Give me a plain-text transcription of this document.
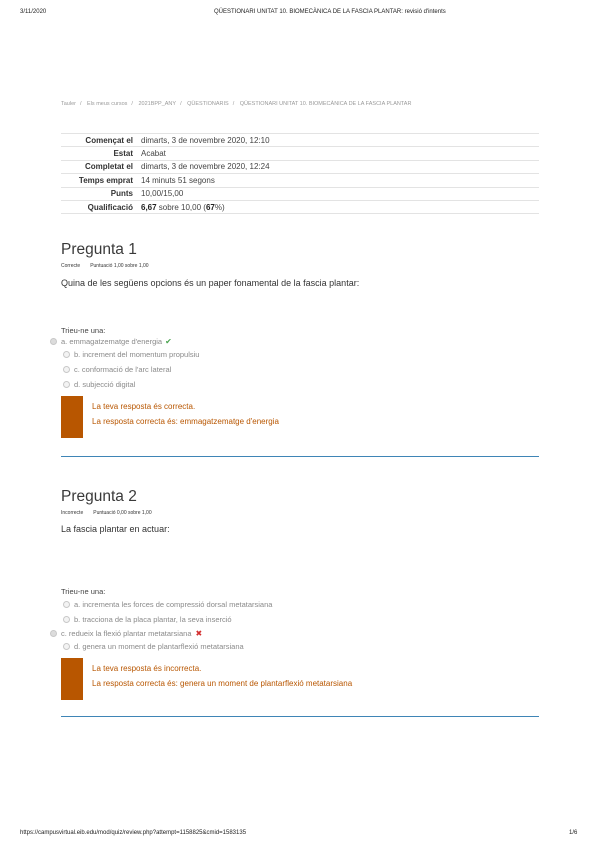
3/11/2020	QÜESTIONARI UNITAT 10. BIOMECÀNICA DE LA FASCIA PLANTAR: revisió d'intents
Tauler / Els meus cursos / 2021BPP_ANY / QÜESTIONARIS / QÜESTIONARI UNITAT 10. BIOMECÀNICA DE LA FASCIA PLANTAR
Començat el	dimarts, 3 de novembre 2020, 12:10
Estat	Acabat
Completat el	dimarts, 3 de novembre 2020, 12:24
Temps emprat	14 minuts 51 segons
Punts	10,00/15,00
Qualificació	6,67 sobre 10,00 (67%)
Pregunta 1
Correcte Puntuació 1,00 sobre 1,00
Quina de les següens opcions és un paper fonamental de la fascia plantar:
Trieu-ne una:
a. emmagatzematge d'energia ✔
b. increment del momentum propulsiu
c. conformació de l'arc lateral
d. subjecció digital
La teva resposta és correcta.
La resposta correcta és: emmagatzematge d'energia
Pregunta 2
Incorrecte Puntuació 0,00 sobre 1,00
La fascia plantar en actuar:
Trieu-ne una:
a. incrementa les forces de compressió dorsal metatarsiana
b. tracciona de la placa plantar, la seva inserció
c. redueix la flexió plantar metatarsiana ✖
d. genera un moment de plantarflexió metatarsiana
La teva resposta és incorrecta.
La resposta correcta és: genera un moment de plantarflexió metatarsiana
https://campusvirtual.eib.edu/mod/quiz/review.php?attempt=1158825&cmid=1583135	1/6
